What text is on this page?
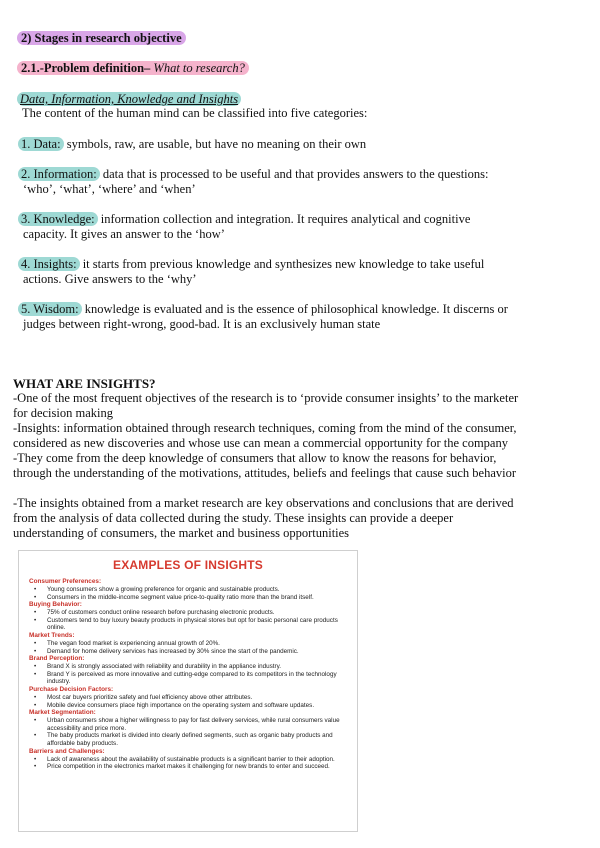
2) Stages in research objective
2.1.-Problem definition– What to research?
Data, Information, Knowledge and Insights
The content of the human mind can be classified into five categories:
1. Data: symbols, raw, are usable, but have no meaning on their own
2. Information: data that is processed to be useful and that provides answers to the questions:
‘who’, ‘what’, ‘where’ and ‘when’
3. Knowledge: information collection and integration. It requires analytical and cognitive
capacity. It gives an answer to the ‘how’
4. Insights: it starts from previous knowledge and synthesizes new knowledge to take useful
actions. Give answers to the ‘why’
5. Wisdom: knowledge is evaluated and is the essence of philosophical knowledge. It discerns or
judges between right-wrong, good-bad. It is an exclusively human state
WHAT ARE INSIGHTS?
-One of the most frequent objectives of the research is to ‘provide consumer insights’ to the marketer
for decision making
-Insights: information obtained through research techniques, coming from the mind of the consumer,
considered as new discoveries and whose use can mean a commercial opportunity for the company
-They come from the deep knowledge of consumers that allow to know the reasons for behavior,
through the understanding of the motivations, attitudes, beliefs and feelings that cause such behavior
-The insights obtained from a market research are key observations and conclusions that are derived
from the analysis of data collected during the study. These insights can provide a deeper
understanding of consumers, the market and business opportunities
EXAMPLES OF INSIGHTS
Consumer Preferences:
• Young consumers show a growing preference for organic and sustainable products.
• Consumers in the middle-income segment value price-to-quality ratio more than the brand itself.
Buying Behavior:
• 75% of customers conduct online research before purchasing electronic products.
• Customers tend to buy luxury beauty products in physical stores but opt for basic personal care products online.
Market Trends:
• The vegan food market is experiencing annual growth of 20%.
• Demand for home delivery services has increased by 30% since the start of the pandemic.
Brand Perception:
• Brand X is strongly associated with reliability and durability in the appliance industry.
• Brand Y is perceived as more innovative and cutting-edge compared to its competitors in the technology industry.
Purchase Decision Factors:
• Most car buyers prioritize safety and fuel efficiency above other attributes.
• Mobile device consumers place high importance on the operating system and software updates.
Market Segmentation:
• Urban consumers show a higher willingness to pay for fast delivery services, while rural consumers value accessibility and price more.
• The baby products market is divided into clearly defined segments, such as organic baby products and affordable baby products.
Barriers and Challenges:
• Lack of awareness about the availability of sustainable products is a significant barrier to their adoption.
• Price competition in the electronics market makes it challenging for new brands to enter and succeed.
